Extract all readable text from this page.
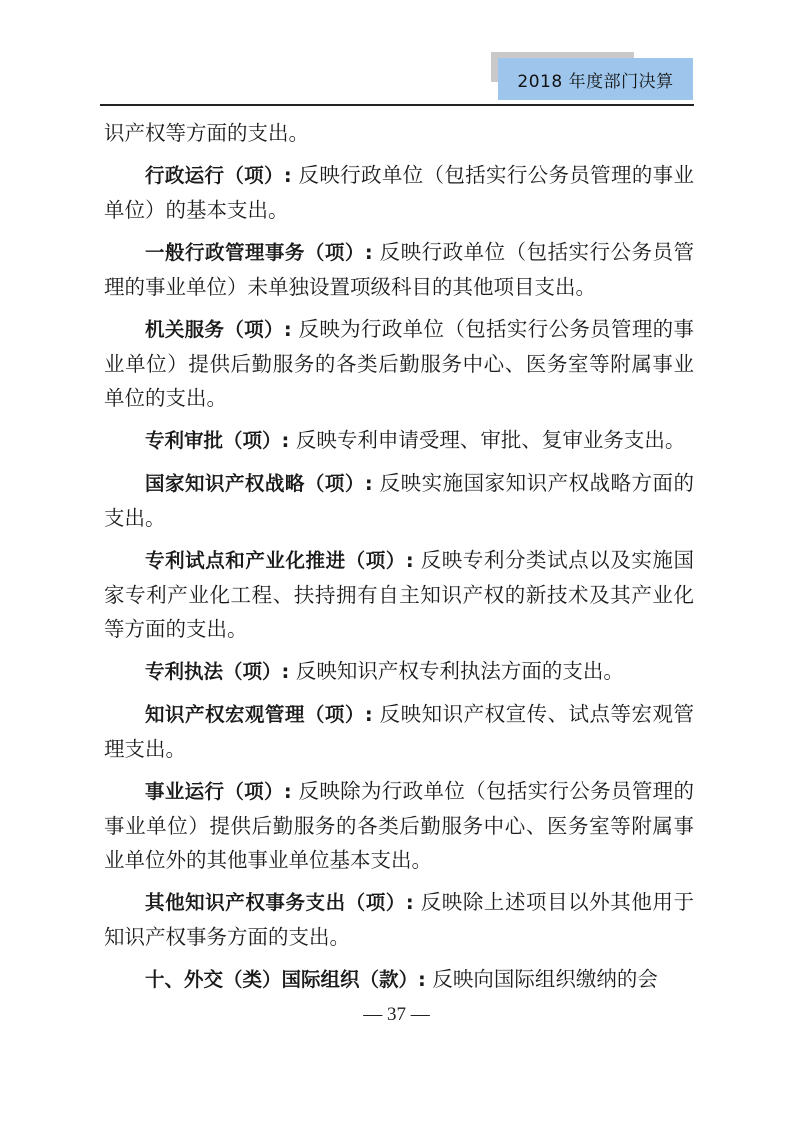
2018 年度部门决算

识产权等方面的支出。

行政运行（项）: 反映行政单位（包括实行公务员管理的事业单位）的基本支出。

一般行政管理事务（项）: 反映行政单位（包括实行公务员管理的事业单位）未单独设置项级科目的其他项目支出。

机关服务（项）: 反映为行政单位（包括实行公务员管理的事业单位）提供后勤服务的各类后勤服务中心、医务室等附属事业单位的支出。

专利审批（项）: 反映专利申请受理、审批、复审业务支出。

国家知识产权战略（项）: 反映实施国家知识产权战略方面的支出。

专利试点和产业化推进（项）: 反映专利分类试点以及实施国家专利产业化工程、扶持拥有自主知识产权的新技术及其产业化等方面的支出。

专利执法（项）: 反映知识产权专利执法方面的支出。

知识产权宏观管理（项）: 反映知识产权宣传、试点等宏观管理支出。

事业运行（项）: 反映除为行政单位（包括实行公务员管理的事业单位）提供后勤服务的各类后勤服务中心、医务室等附属事业单位外的其他事业单位基本支出。

其他知识产权事务支出（项）: 反映除上述项目以外其他用于知识产权事务方面的支出。

十、外交（类）国际组织（款）: 反映向国际组织缴纳的会

— 37 —
